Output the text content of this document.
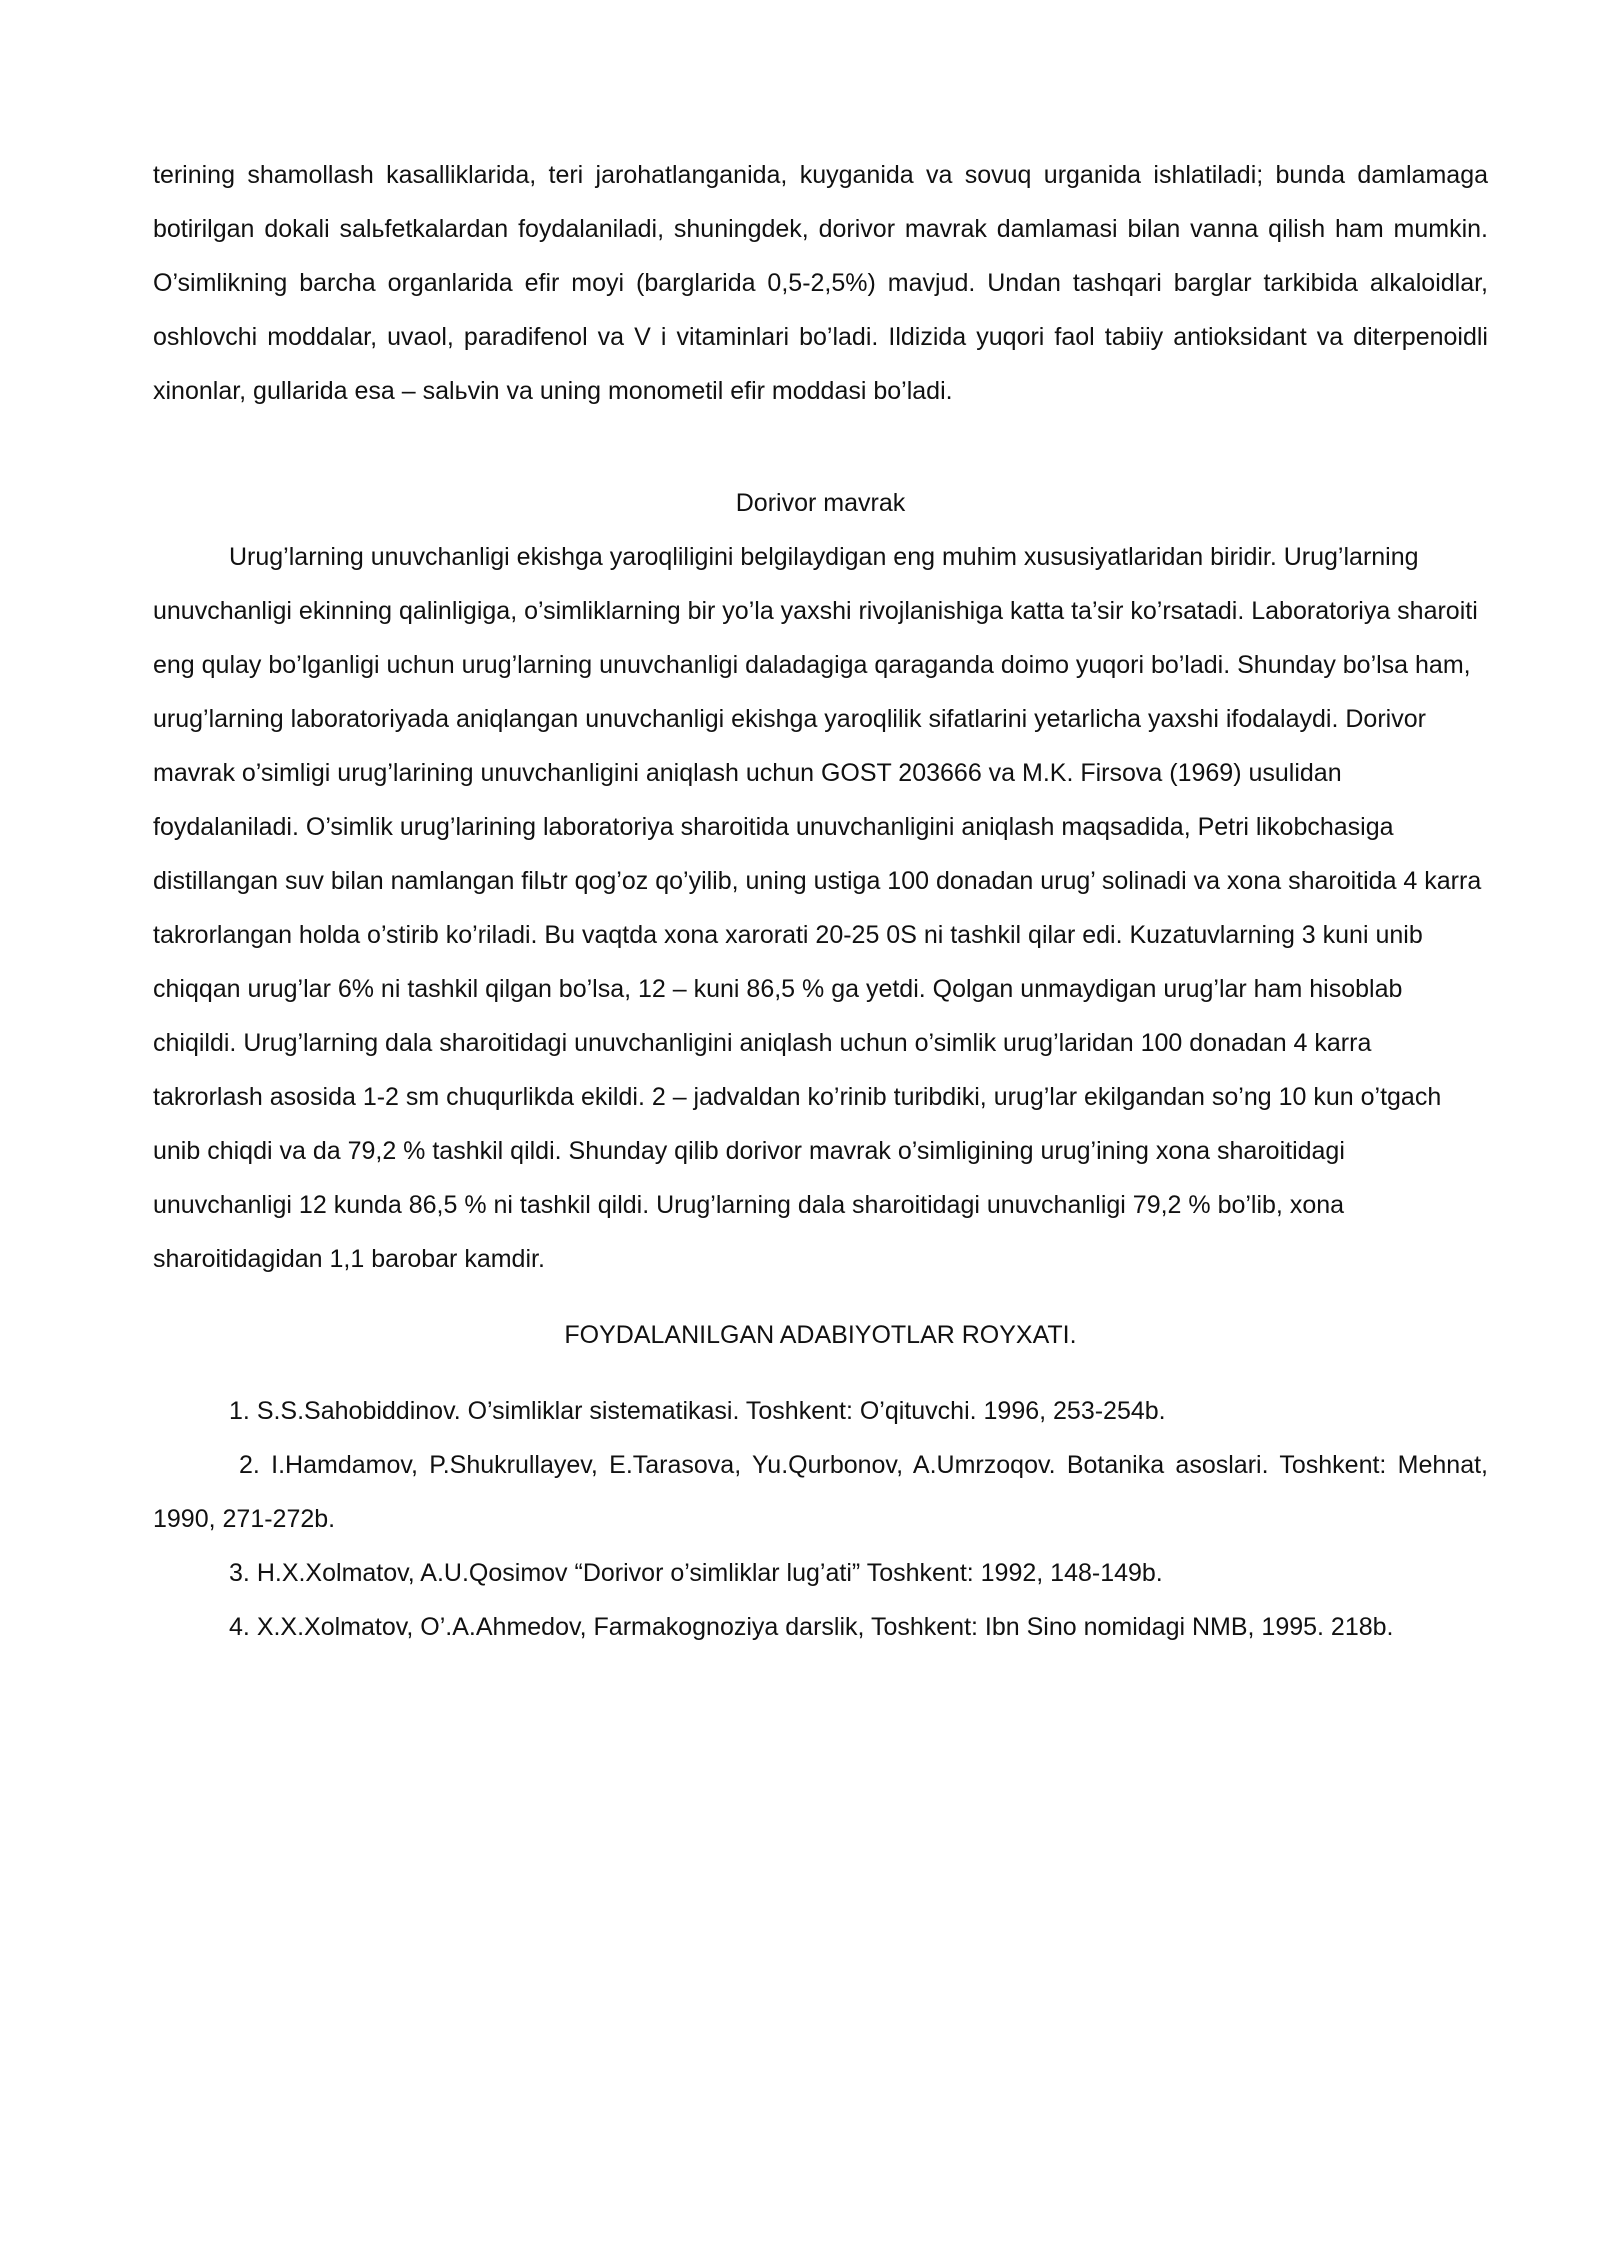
terining shamollash kasalliklarida, teri jarohatlanganida, kuyganida va sovuq urganida ishlatiladi; bunda damlamaga botirilgan dokali salьfetkalardan foydalaniladi, shuningdek, dorivor mavrak damlamasi bilan vanna qilish ham mumkin. O’simlikning barcha organlarida efir moyi (barglarida 0,5-2,5%) mavjud. Undan tashqari barglar tarkibida alkaloidlar, oshlovchi moddalar, uvaol, paradifenol va V i vitaminlari bo’ladi. Ildizida yuqori faol tabiiy antioksidant va diterpenoidli xinonlar, gullarida esa – salьvin va uning monometil efir moddasi bo’ladi.

Dorivor mavrak

Urug’larning unuvchanligi ekishga yaroqliligini belgilaydigan eng muhim xususiyatlaridan biridir. Urug’larning unuvchanligi ekinning qalinligiga, o’simliklarning bir yo’la yaxshi rivojlanishiga katta ta’sir ko’rsatadi. Laboratoriya sharoiti eng qulay bo’lganligi uchun urug’larning unuvchanligi daladagiga qaraganda doimo yuqori bo’ladi. Shunday bo’lsa ham, urug’larning laboratoriyada aniqlangan unuvchanligi ekishga yaroqlilik sifatlarini yetarlicha yaxshi ifodalaydi. Dorivor mavrak o’simligi urug’larining unuvchanligini aniqlash uchun GOST 203666 va M.K. Firsova (1969) usulidan foydalaniladi. O’simlik urug’larining laboratoriya sharoitida unuvchanligini aniqlash maqsadida, Petri likobchasiga distillangan suv bilan namlangan filьtr qog’oz qo’yilib, uning ustiga 100 donadan urug’ solinadi va xona sharoitida 4 karra takrorlangan holda o’stirib ko’riladi. Bu vaqtda xona xarorati 20-25 0S ni tashkil qilar edi. Kuzatuvlarning 3 kuni unib chiqqan urug’lar 6% ni tashkil qilgan bo’lsa, 12 – kuni 86,5 % ga yetdi. Qolgan unmaydigan urug’lar ham hisoblab chiqildi. Urug’larning dala sharoitidagi unuvchanligini aniqlash uchun o’simlik urug’laridan 100 donadan 4 karra takrorlash asosida 1-2 sm chuqurlikda ekildi. 2 – jadvaldan ko’rinib turibdiki, urug’lar ekilgandan so’ng 10 kun o’tgach unib chiqdi va da 79,2 % tashkil qildi. Shunday qilib dorivor mavrak o’simligining urug’ining xona sharoitidagi unuvchanligi 12 kunda 86,5 % ni tashkil qildi. Urug’larning dala sharoitidagi unuvchanligi 79,2 % bo’lib, xona sharoitidagidan 1,1 barobar kamdir.

FOYDALANILGAN ADABIYOTLAR ROYXATI.
1. S.S.Sahobiddinov. O’simliklar sistematikasi. Toshkent: O’qituvchi. 1996, 253-254b.
2. I.Hamdamov, P.Shukrullayev, E.Tarasova, Yu.Qurbonov, A.Umrzoqov. Botanika asoslari. Toshkent: Mehnat, 1990, 271-272b.
3. H.X.Xolmatov, A.U.Qosimov “Dorivor o’simliklar lug’ati” Toshkent: 1992, 148-149b.
4. X.X.Xolmatov, O’.A.Ahmedov, Farmakognoziya darslik, Toshkent: Ibn Sino nomidagi NMB, 1995. 218b.
